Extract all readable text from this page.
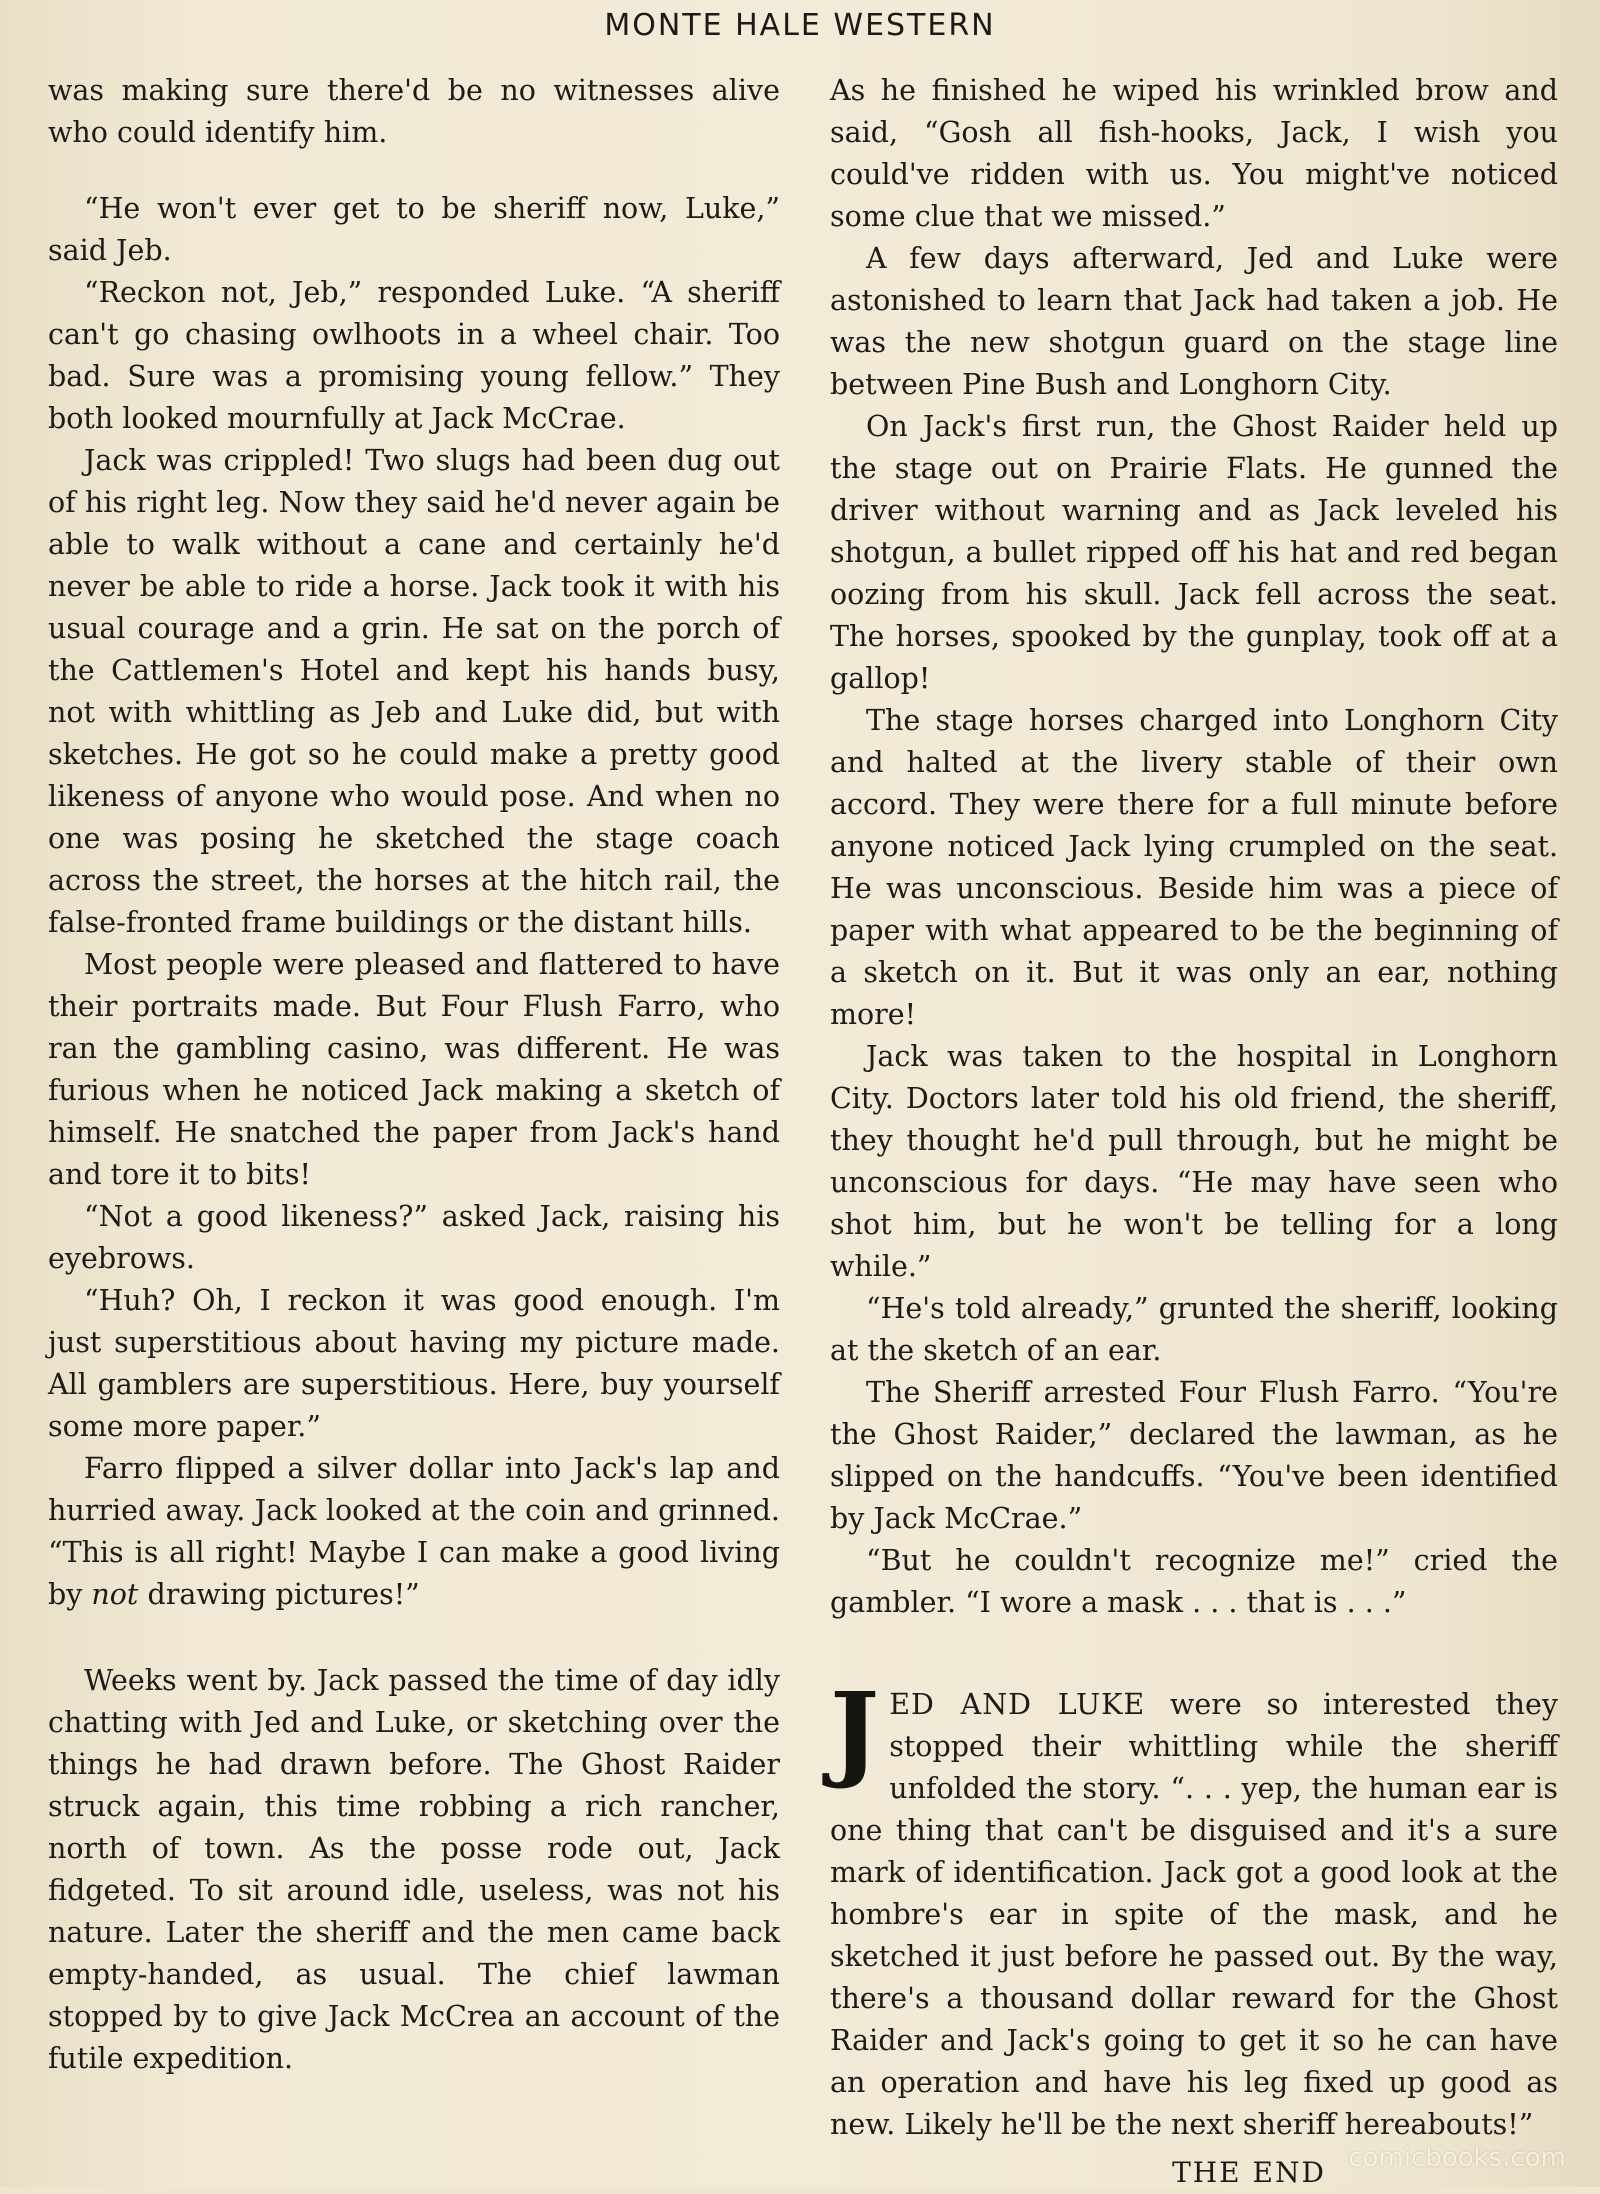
MONTE HALE WESTERN

was making sure there'd be no witnesses alive who could identify him.

“He won't ever get to be sheriff now, Luke,” said Jeb.

“Reckon not, Jeb,” responded Luke. “A sheriff can't go chasing owlhoots in a wheel chair. Too bad. Sure was a promising young fellow.” They both looked mournfully at Jack McCrae.

Jack was crippled! Two slugs had been dug out of his right leg. Now they said he'd never again be able to walk without a cane and certainly he'd never be able to ride a horse. Jack took it with his usual courage and a grin. He sat on the porch of the Cattlemen's Hotel and kept his hands busy, not with whittling as Jeb and Luke did, but with sketches. He got so he could make a pretty good likeness of anyone who would pose. And when no one was posing he sketched the stage coach across the street, the horses at the hitch rail, the false-fronted frame buildings or the distant hills.

Most people were pleased and flattered to have their portraits made. But Four Flush Farro, who ran the gambling casino, was different. He was furious when he noticed Jack making a sketch of himself. He snatched the paper from Jack's hand and tore it to bits!

“Not a good likeness?” asked Jack, raising his eyebrows.

“Huh? Oh, I reckon it was good enough. I'm just superstitious about having my picture made. All gamblers are superstitious. Here, buy yourself some more paper.”

Farro flipped a silver dollar into Jack's lap and hurried away. Jack looked at the coin and grinned. “This is all right! Maybe I can make a good living by not drawing pictures!”

Weeks went by. Jack passed the time of day idly chatting with Jed and Luke, or sketching over the things he had drawn before. The Ghost Raider struck again, this time robbing a rich rancher, north of town. As the posse rode out, Jack fidgeted. To sit around idle, useless, was not his nature. Later the sheriff and the men came back empty-handed, as usual. The chief lawman stopped by to give Jack McCrea an account of the futile expedition.

As he finished he wiped his wrinkled brow and said, “Gosh all fish-hooks, Jack, I wish you could've ridden with us. You might've noticed some clue that we missed.”

A few days afterward, Jed and Luke were astonished to learn that Jack had taken a job. He was the new shotgun guard on the stage line between Pine Bush and Longhorn City.

On Jack's first run, the Ghost Raider held up the stage out on Prairie Flats. He gunned the driver without warning and as Jack leveled his shotgun, a bullet ripped off his hat and red began oozing from his skull. Jack fell across the seat. The horses, spooked by the gunplay, took off at a gallop!

The stage horses charged into Longhorn City and halted at the livery stable of their own accord. They were there for a full minute before anyone noticed Jack lying crumpled on the seat. He was unconscious. Beside him was a piece of paper with what appeared to be the beginning of a sketch on it. But it was only an ear, nothing more!

Jack was taken to the hospital in Longhorn City. Doctors later told his old friend, the sheriff, they thought he'd pull through, but he might be unconscious for days. “He may have seen who shot him, but he won't be telling for a long while.”

“He's told already,” grunted the sheriff, looking at the sketch of an ear.

The Sheriff arrested Four Flush Farro. “You're the Ghost Raider,” declared the lawman, as he slipped on the handcuffs. “You've been identified by Jack McCrae.”

“But he couldn't recognize me!” cried the gambler. “I wore a mask . . . that is . . .”

JED AND LUKE were so interested they stopped their whittling while the sheriff unfolded the story. “. . . yep, the human ear is one thing that can't be disguised and it's a sure mark of identification. Jack got a good look at the hombre's ear in spite of the mask, and he sketched it just before he passed out. By the way, there's a thousand dollar reward for the Ghost Raider and Jack's going to get it so he can have an operation and have his leg fixed up good as new. Likely he'll be the next sheriff hereabouts!”

THE END comicbooks.com
